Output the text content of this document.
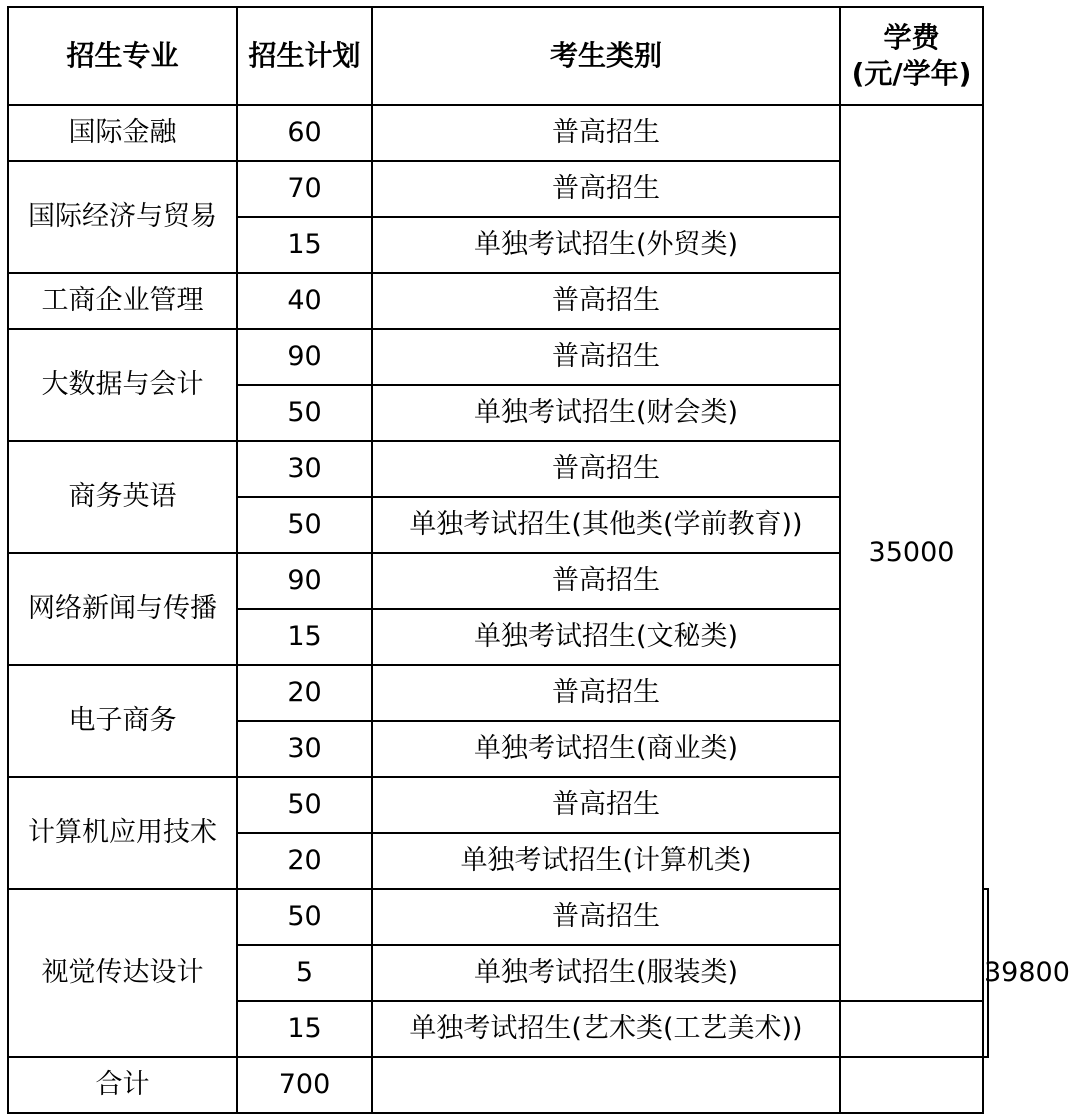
招生专业	招生计划	考生类别	学费
(元/学年)	

国际金融	60	普高招生	35000	
国际经济与贸易	70	普高招生		
	15	单独考试招生(外贸类)		
工商企业管理	40	普高招生		
大数据与会计	90	普高招生		
	50	单独考试招生(财会类)		
商务英语	30	普高招生		
	50	单独考试招生(其他类(学前教育))		
网络新闻与传播	90	普高招生		
	15	单独考试招生(文秘类)		
电子商务	20	普高招生		
	30	单独考试招生(商业类)		
计算机应用技术	50	普高招生		
	20	单独考试招生(计算机类)		
视觉传达设计	50	普高招生		39800
	5	单独考试招生(服装类)		
	15	单独考试招生(艺术类(工艺美术))		
合计	700			
